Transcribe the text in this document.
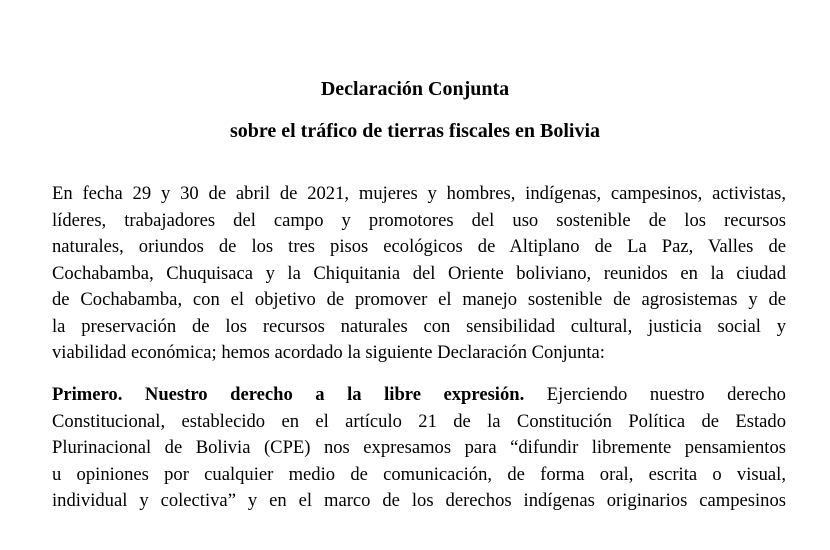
Declaración Conjunta
sobre el tráfico de tierras fiscales en Bolivia

En fecha 29 y 30 de abril de 2021, mujeres y hombres, indígenas, campesinos, activistas,
líderes, trabajadores del campo y promotores del uso sostenible de los recursos
naturales, oriundos de los tres pisos ecológicos de Altiplano de La Paz, Valles de
Cochabamba, Chuquisaca y la Chiquitania del Oriente boliviano, reunidos en la ciudad
de Cochabamba, con el objetivo de promover el manejo sostenible de agrosistemas y de
la preservación de los recursos naturales con sensibilidad cultural, justicia social y
viabilidad económica; hemos acordado la siguiente Declaración Conjunta:

Primero. Nuestro derecho a la libre expresión. Ejerciendo nuestro derecho
Constitucional, establecido en el artículo 21 de la Constitución Política de Estado
Plurinacional de Bolivia (CPE) nos expresamos para “difundir libremente pensamientos
u opiniones por cualquier medio de comunicación, de forma oral, escrita o visual,
individual y colectiva” y en el marco de los derechos indígenas originarios campesinos
